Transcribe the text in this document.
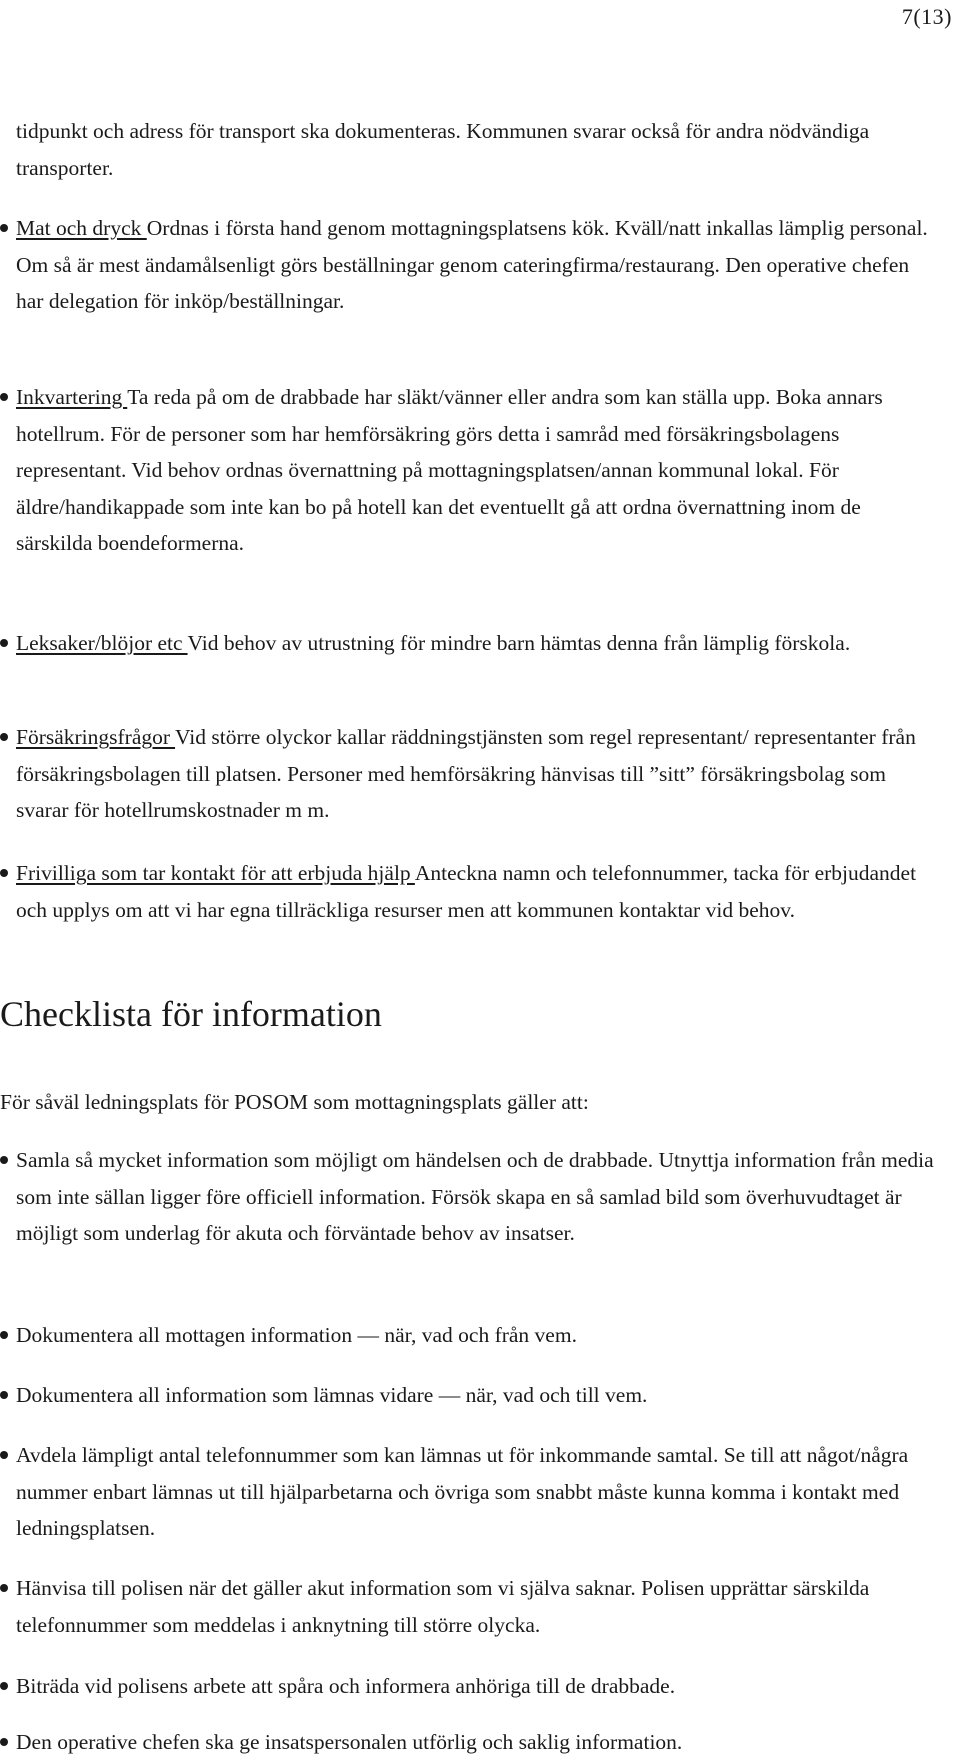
7(13)

tidpunkt och adress för transport ska dokumenteras. Kommunen svarar också för andra nödvändiga transporter.

Mat och dryck Ordnas i första hand genom mottagningsplatsens kök. Kväll/natt inkallas lämplig personal. Om så är mest ändamålsenligt görs beställningar genom cateringfirma/restaurang. Den operative chefen har delegation för inköp/beställningar.
Inkvartering Ta reda på om de drabbade har släkt/vänner eller andra som kan ställa upp. Boka annars hotellrum. För de personer som har hemförsäkring görs detta i samråd med försäkringsbolagens representant. Vid behov ordnas övernattning på mottagningsplatsen/annan kommunal lokal. För äldre/handikappade som inte kan bo på hotell kan det eventuellt gå att ordna övernattning inom de särskilda boendeformerna.
Leksaker/blöjor etc Vid behov av utrustning för mindre barn hämtas denna från lämplig förskola.
Försäkringsfrågor Vid större olyckor kallar räddningstjänsten som regel representant/ representanter från försäkringsbolagen till platsen. Personer med hemförsäkring hänvisas till ”sitt” försäkringsbolag som svarar för hotellrumskostnader m m.
Frivilliga som tar kontakt för att erbjuda hjälp Anteckna namn och telefonnummer, tacka för erbjudandet och upplys om att vi har egna tillräckliga resurser men att kommunen kontaktar vid behov.
Checklista för information

För såväl ledningsplats för POSOM som mottagningsplats gäller att:

Samla så mycket information som möjligt om händelsen och de drabbade. Utnyttja information från media som inte sällan ligger före officiell information. Försök skapa en så samlad bild som överhuvudtaget är möjligt som underlag för akuta och förväntade behov av insatser.
Dokumentera all mottagen information — när, vad och från vem.
Dokumentera all information som lämnas vidare — när, vad och till vem.
Avdela lämpligt antal telefonnummer som kan lämnas ut för inkommande samtal. Se till att något/några nummer enbart lämnas ut till hjälparbetarna och övriga som snabbt måste kunna komma i kontakt med ledningsplatsen.
Hänvisa till polisen när det gäller akut information som vi själva saknar. Polisen upprättar särskilda telefonnummer som meddelas i anknytning till större olycka.
Biträda vid polisens arbete att spåra och informera anhöriga till de drabbade.
Den operative chefen ska ge insatspersonalen utförlig och saklig information.
